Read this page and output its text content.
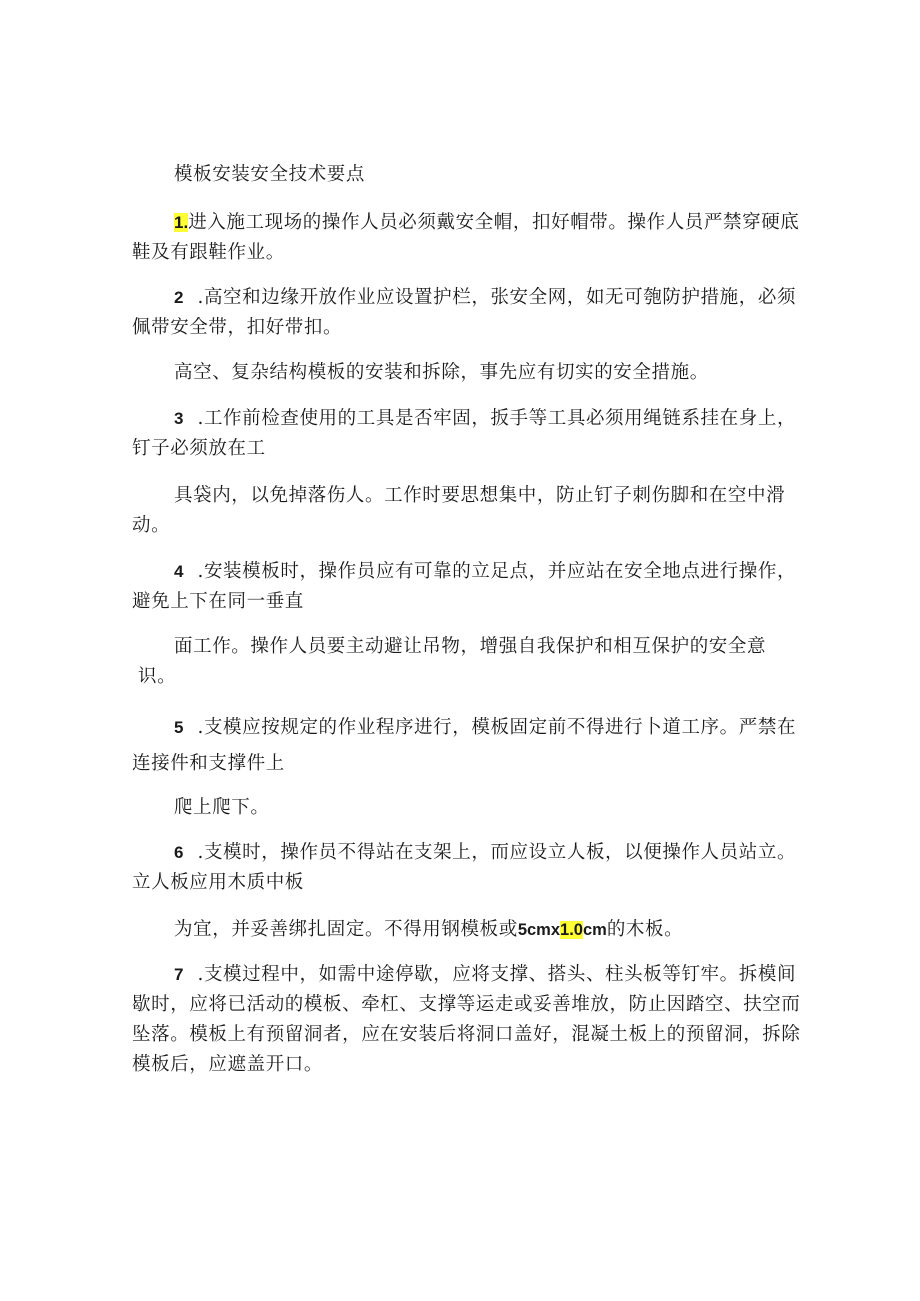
模板安装安全技术要点
1.进入施工现场的操作人员必须戴安全帽，扣好帽带。操作人员严禁穿硬底
鞋及有跟鞋作业。
2 .高空和边缘开放作业应设置护栏，张安全网，如无可匏防护措施，必须
佩带安全带，扣好带扣。
高空、复杂结构模板的安装和拆除，事先应有切实的安全措施。
3 .工作前检查使用的工具是否牢固，扳手等工具必须用绳链系挂在身上，
钉子必须放在工
具袋内，以免掉落伤人。工作时要思想集中，防止钉子刺伤脚和在空中滑
动。
4 .安装模板时，操作员应有可靠的立足点，并应站在安全地点进行操作，
避免上下在同一垂直
面工作。操作人员要主动避让吊物，增强自我保护和相互保护的安全意
识。
5 .支模应按规定的作业程序进行，模板固定前不得进行卜道工序。严禁在
连接件和支撑件上
爬上爬下。
6 .支模时，操作员不得站在支架上，而应设立人板，以便操作人员站立。
立人板应用木质中板
为宜，并妥善绑扎固定。不得用钢模板或5cmx1.0cm的木板。
7 .支模过程中，如需中途停歇，应将支撑、搭头、柱头板等钉牢。拆模间
歇时，应将已活动的模板、牵杠、支撑等运走或妥善堆放，防止因踏空、扶空而
坠落。模板上有预留洞者，应在安装后将洞口盖好，混凝土板上的预留洞，拆除
模板后，应遮盖开口。
